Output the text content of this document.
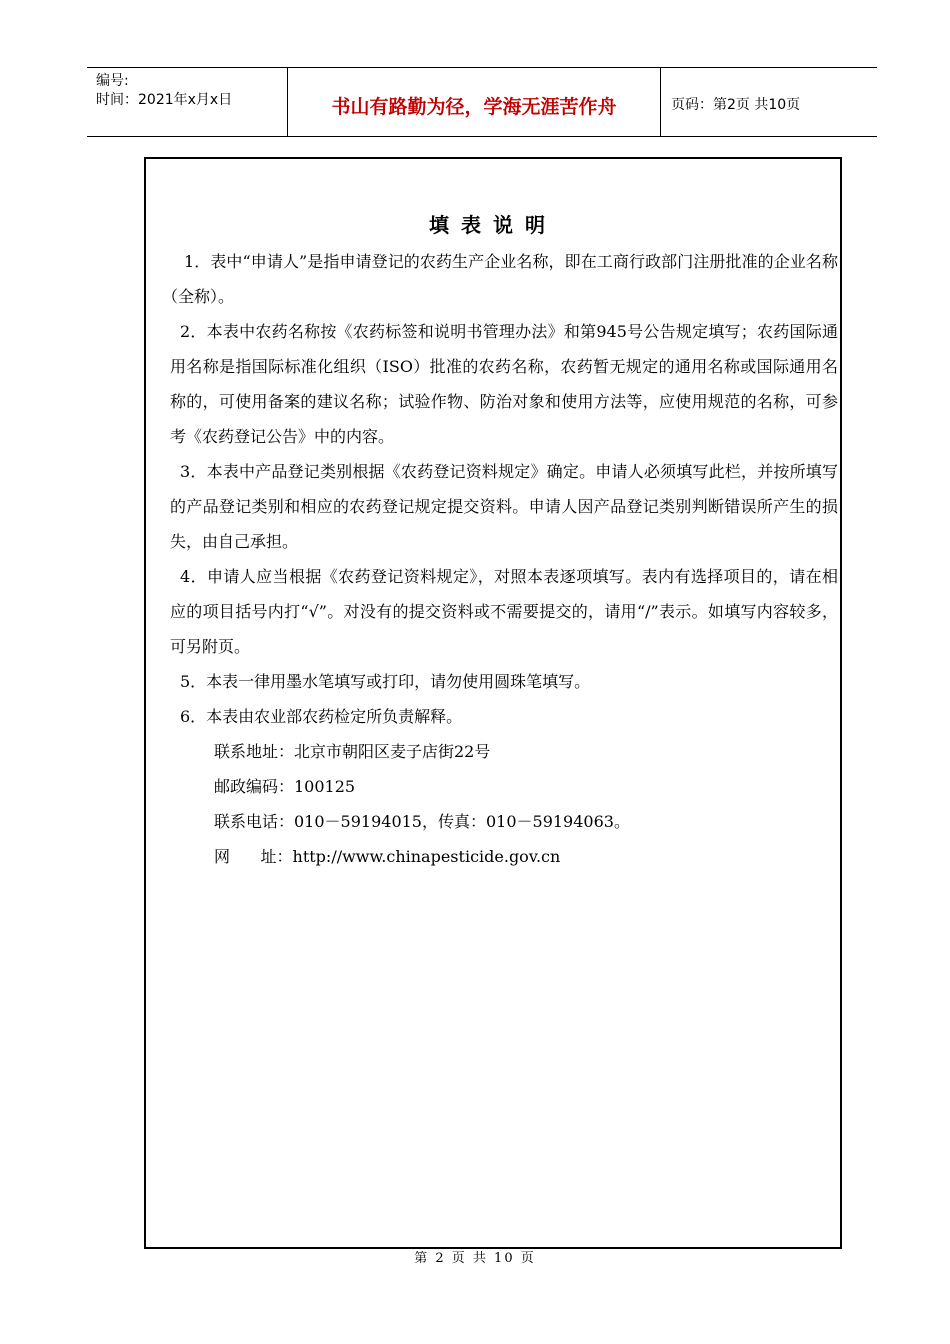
编号:
时间：2021年x月x日	书山有路勤为径，学海无涯苦作舟	页码：第2页 共10页
填表说明

1．表中“申请人”是指申请登记的农药生产企业名称，即在工商行政部门注册批准的企业名称（全称）。

2．本表中农药名称按《农药标签和说明书管理办法》和第945号公告规定填写；农药国际通用名称是指国际标准化组织（ISO）批准的农药名称，农药暂无规定的通用名称或国际通用名称的，可使用备案的建议名称；试验作物、防治对象和使用方法等，应使用规范的名称，可参考《农药登记公告》中的内容。

3．本表中产品登记类别根据《农药登记资料规定》确定。申请人必须填写此栏，并按所填写的产品登记类别和相应的农药登记规定提交资料。申请人因产品登记类别判断错误所产生的损失，由自己承担。

4．申请人应当根据《农药登记资料规定》，对照本表逐项填写。表内有选择项目的，请在相应的项目括号内打“√”。对没有的提交资料或不需要提交的，请用“/”表示。如填写内容较多，可另附页。

5．本表一律用墨水笔填写或打印，请勿使用圆珠笔填写。

6．本表由农业部农药检定所负责解释。

联系地址：北京市朝阳区麦子店街22号

邮政编码：100125

联系电话：010－59194015，传真：010－59194063。

网      址：http://www.chinapesticide.gov.cn

第 2 页 共 10 页
